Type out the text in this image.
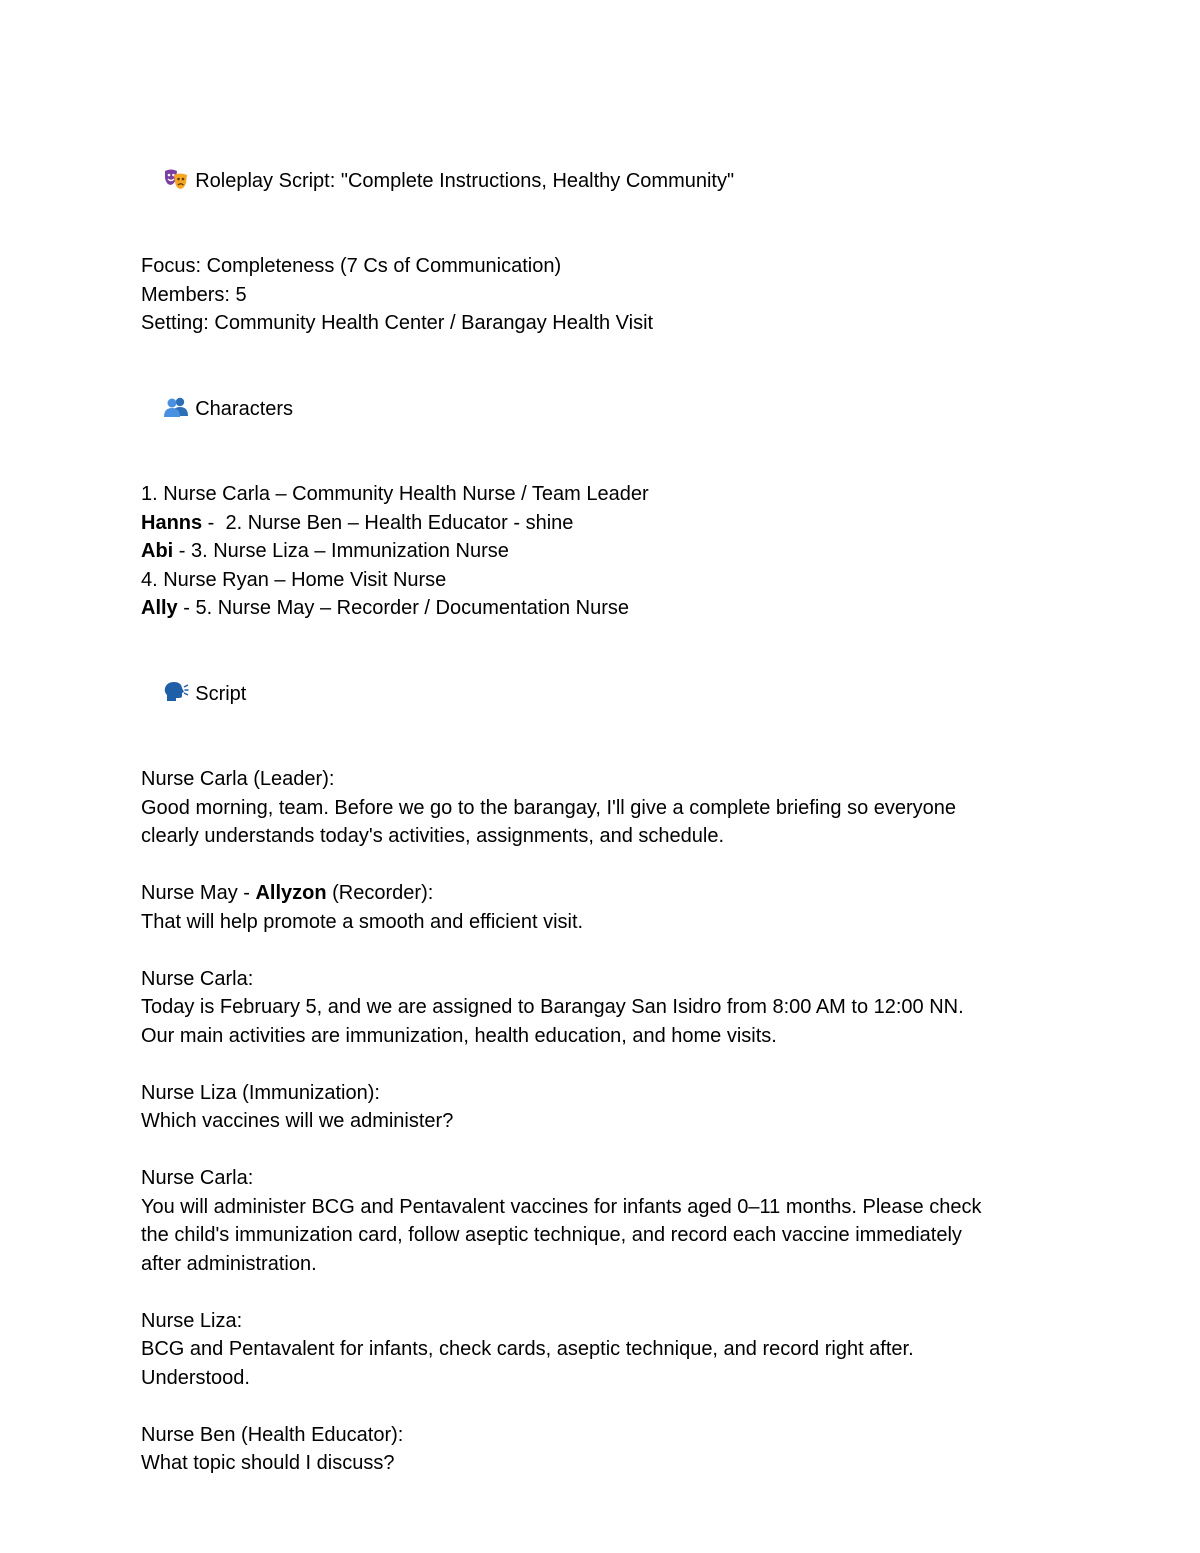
Roleplay Script: "Complete Instructions, Healthy Community"

Focus: Completeness (7 Cs of Communication)
Members: 5
Setting: Community Health Center / Barangay Health Visit

Characters

1. Nurse Carla – Community Health Nurse / Team Leader
Hanns -  2. Nurse Ben – Health Educator - shine
Abi - 3. Nurse Liza – Immunization Nurse
4. Nurse Ryan – Home Visit Nurse
Ally - 5. Nurse May – Recorder / Documentation Nurse

Script

Nurse Carla (Leader):
Good morning, team. Before we go to the barangay, I'll give a complete briefing so everyone
clearly understands today's activities, assignments, and schedule.
Nurse May - Allyzon (Recorder):
That will help promote a smooth and efficient visit.
Nurse Carla:
Today is February 5, and we are assigned to Barangay San Isidro from 8:00 AM to 12:00 NN.
Our main activities are immunization, health education, and home visits.
Nurse Liza (Immunization):
Which vaccines will we administer?
Nurse Carla:
You will administer BCG and Pentavalent vaccines for infants aged 0–11 months. Please check
the child's immunization card, follow aseptic technique, and record each vaccine immediately
after administration.
Nurse Liza:
BCG and Pentavalent for infants, check cards, aseptic technique, and record right after.
Understood.
Nurse Ben (Health Educator):
What topic should I discuss?
